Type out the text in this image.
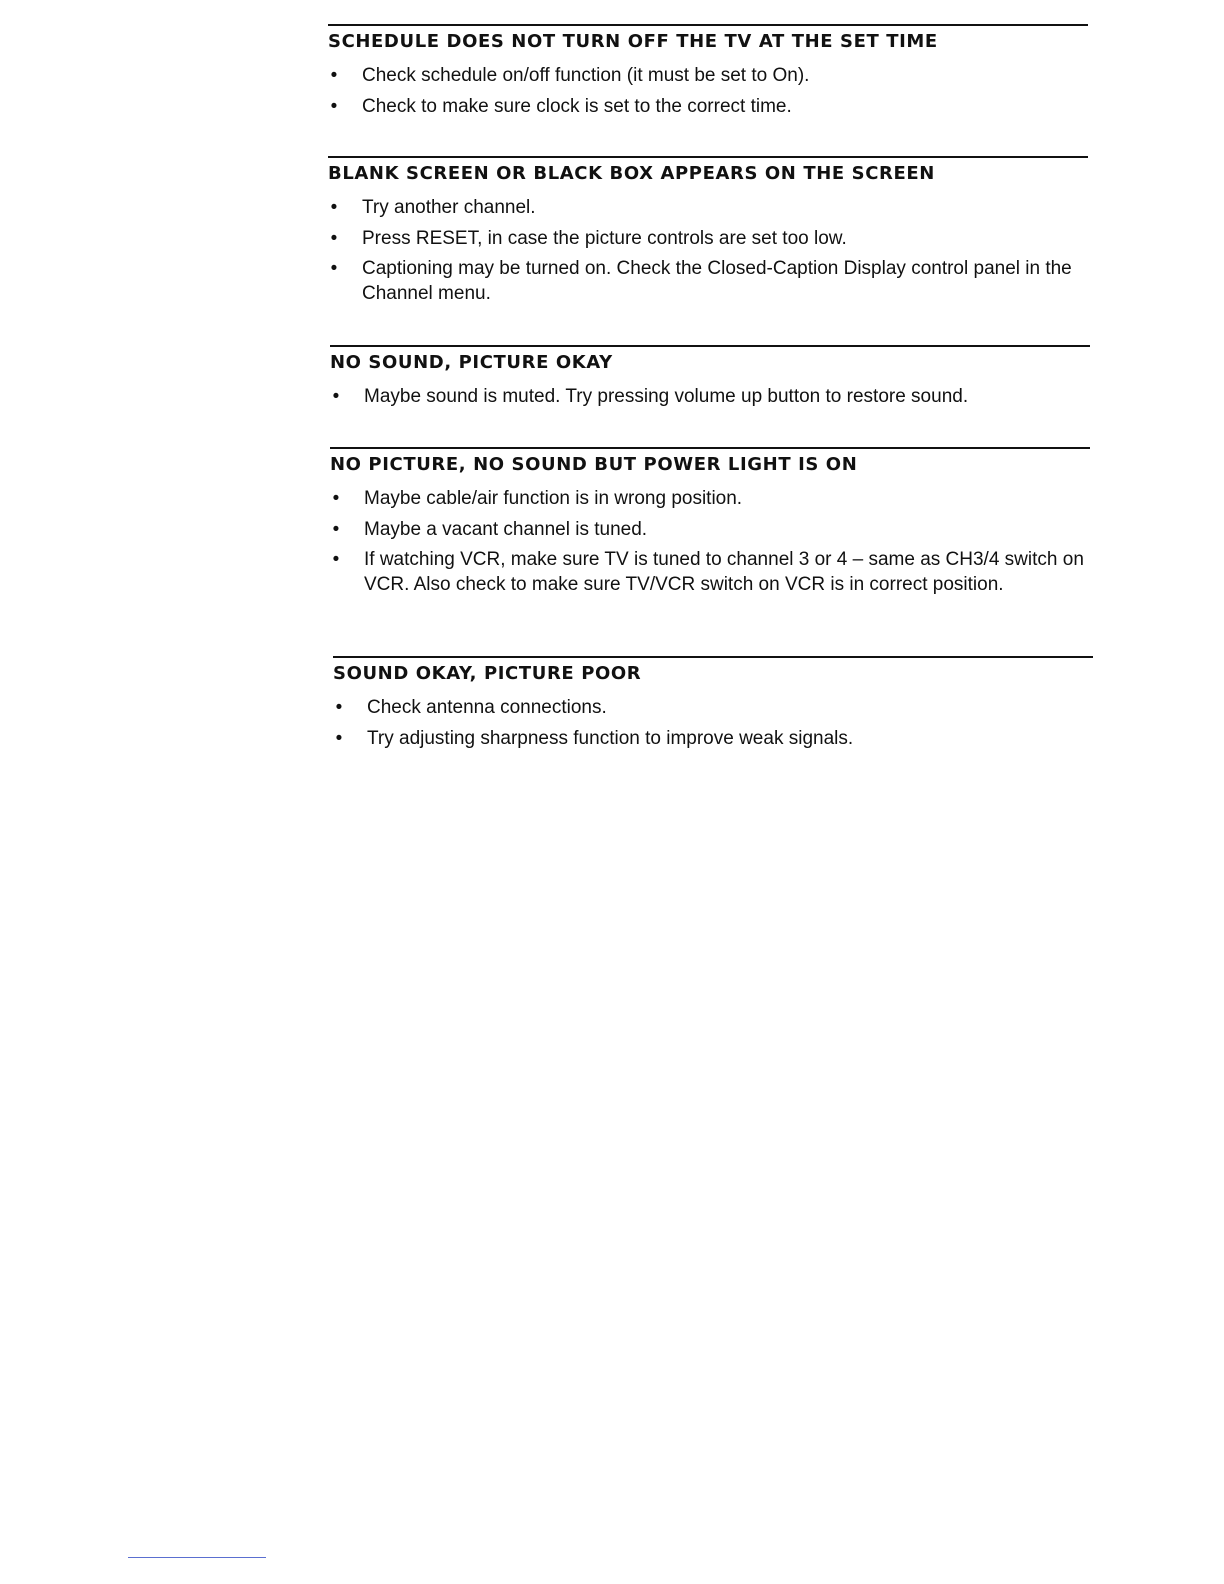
SCHEDULE DOES NOT TURN OFF THE TV AT THE SET TIME
• Check schedule on/off function (it must be set to On).
• Check to make sure clock is set to the correct time.
BLANK SCREEN OR BLACK BOX APPEARS ON THE SCREEN
• Try another channel.
• Press RESET, in case the picture controls are set too low.
• Captioning may be turned on. Check the Closed-Caption Display control panel in the Channel menu.
NO SOUND, PICTURE OKAY
• Maybe sound is muted. Try pressing volume up button to restore sound.
NO PICTURE, NO SOUND BUT POWER LIGHT IS ON
• Maybe cable/air function is in wrong position.
• Maybe a vacant channel is tuned.
• If watching VCR, make sure TV is tuned to channel 3 or 4 – same as CH3/4 switch on VCR. Also check to make sure TV/VCR switch on VCR is in correct position.
SOUND OKAY, PICTURE POOR
• Check antenna connections.
• Try adjusting sharpness function to improve weak signals.
